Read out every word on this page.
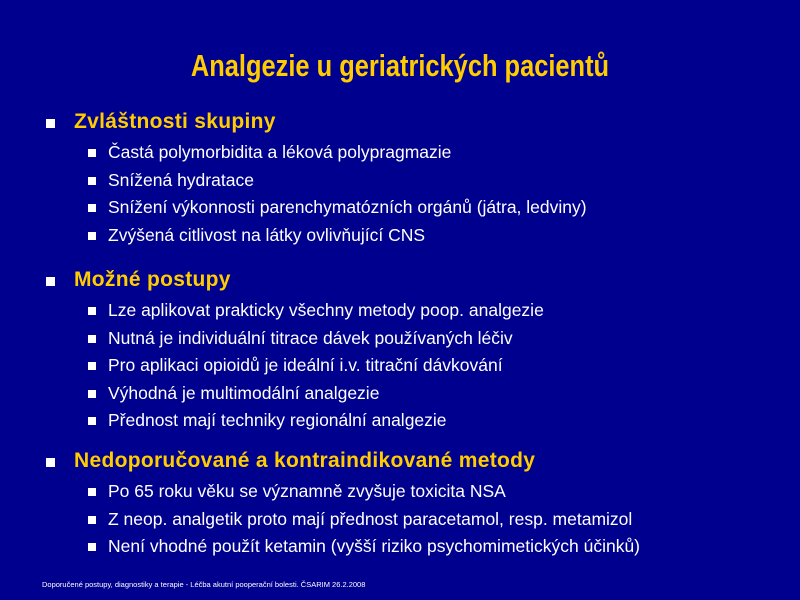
Analgezie u geriatrických pacientů
Zvláštnosti skupiny
Častá polymorbidita a léková polypragmazie
Snížená hydratace
Snížení výkonnosti parenchymatózních orgánů (játra, ledviny)
Zvýšená citlivost na látky ovlivňující CNS
Možné postupy
Lze aplikovat prakticky všechny metody poop. analgezie
Nutná je individuální titrace dávek používaných léčiv
Pro aplikaci opioidů je ideální i.v. titrační dávkování
Výhodná je multimodální analgezie
Přednost mají techniky regionální analgezie
Nedoporučované a kontraindikované metody
Po 65 roku věku se významně zvyšuje toxicita NSA
Z neop. analgetik proto mají přednost paracetamol, resp. metamizol
Není vhodné použít ketamin (vyšší riziko psychomimetických účinků)
Doporučené postupy, diagnostiky a terapie - Léčba akutní pooperační bolesti. ČSARIM 26.2.2008
